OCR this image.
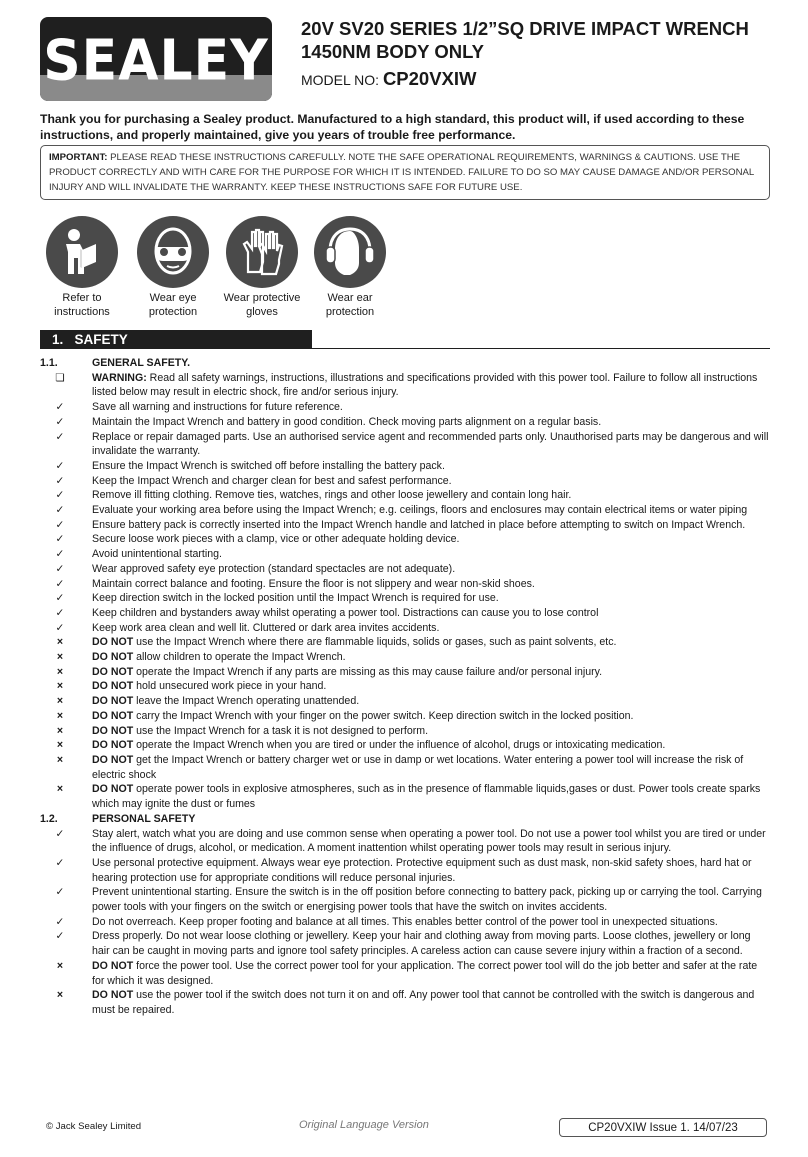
SEALEY
20V SV20 SERIES 1/2”SQ DRIVE IMPACT WRENCH 1450NM BODY ONLY
MODEL NO: CP20VXIW
Thank you for purchasing a Sealey product. Manufactured to a high standard, this product will, if used according to these instructions, and properly maintained, give you years of trouble free performance.
IMPORTANT: PLEASE READ THESE INSTRUCTIONS CAREFULLY. NOTE THE SAFE OPERATIONAL REQUIREMENTS, WARNINGS & CAUTIONS. USE THE PRODUCT CORRECTLY AND WITH CARE FOR THE PURPOSE FOR WHICH IT IS INTENDED. FAILURE TO DO SO MAY CAUSE DAMAGE AND/OR PERSONAL INJURY AND WILL INVALIDATE THE WARRANTY. KEEP THESE INSTRUCTIONS SAFE FOR FUTURE USE.
Refer to instructions
Wear eye protection
Wear protective gloves
Wear ear protection
1. SAFETY
1.1.	GENERAL SAFETY.
❏	WARNING: Read all safety warnings, instructions, illustrations and specifications provided with this power tool. Failure to follow all instructions listed below may result in electric shock, fire and/or serious injury.
✓	Save all warning and instructions for future reference.
✓	Maintain the Impact Wrench and battery in good condition. Check moving parts alignment on a regular basis.
✓	Replace or repair damaged parts. Use an authorised service agent and recommended parts only. Unauthorised parts may be dangerous and will invalidate the warranty.
✓	Ensure the Impact Wrench is switched off before installing the battery pack.
✓	Keep the Impact Wrench and charger clean for best and safest performance.
✓	Remove ill fitting clothing. Remove ties, watches, rings and other loose jewellery and contain long hair.
✓	Evaluate your working area before using the Impact Wrench; e.g. ceilings, floors and enclosures may contain electrical items or water piping
✓	Ensure battery pack is correctly inserted into the Impact Wrench handle and latched in place before attempting to switch on Impact Wrench.
✓	Secure loose work pieces with a clamp, vice or other adequate holding device.
✓	Avoid unintentional starting.
✓	Wear approved safety eye protection (standard spectacles are not adequate).
✓	Maintain correct balance and footing. Ensure the floor is not slippery and wear non-skid shoes.
✓	Keep direction switch in the locked position until the Impact Wrench is required for use.
✓	Keep children and bystanders away whilst operating a power tool. Distractions can cause you to lose control
✓	Keep work area clean and well lit. Cluttered or dark area invites accidents.
×	DO NOT use the Impact Wrench where there are flammable liquids, solids or gases, such as paint solvents, etc.
×	DO NOT allow children to operate the Impact Wrench.
×	DO NOT operate the Impact Wrench if any parts are missing as this may cause failure and/or personal injury.
×	DO NOT hold unsecured work piece in your hand.
×	DO NOT leave the Impact Wrench operating unattended.
×	DO NOT carry the Impact Wrench with your finger on the power switch. Keep direction switch in the locked position.
×	DO NOT use the Impact Wrench for a task it is not designed to perform.
×	DO NOT operate the Impact Wrench when you are tired or under the influence of alcohol, drugs or intoxicating medication.
×	DO NOT get the Impact Wrench or battery charger wet or use in damp or wet locations. Water entering a power tool will increase the risk of electric shock
×	DO NOT operate power tools in explosive atmospheres, such as in the presence of flammable liquids,gases or dust. Power tools create sparks which may ignite the dust or fumes
1.2.	PERSONAL SAFETY
✓	Stay alert, watch what you are doing and use common sense when operating a power tool. Do not use a power tool whilst you are tired or under the influence of drugs, alcohol, or medication. A moment inattention whilst operating power tools may result in serious injury.
✓	Use personal protective equipment. Always wear eye protection. Protective equipment such as dust mask, non-skid safety shoes, hard hat or hearing protection use for appropriate conditions will reduce personal injuries.
✓	Prevent unintentional starting. Ensure the switch is in the off position before connecting to battery pack, picking up or carrying the tool. Carrying power tools with your fingers on the switch or energising power tools that have the switch on invites accidents.
✓	Do not overreach. Keep proper footing and balance at all times. This enables better control of the power tool in unexpected situations.
✓	Dress properly. Do not wear loose clothing or jewellery. Keep your hair and clothing away from moving parts. Loose clothes, jewellery or long hair can be caught in moving parts and ignore tool safety principles. A careless action can cause severe injury within a fraction of a second.
×	DO NOT force the power tool. Use the correct power tool for your application. The correct power tool will do the job better and safer at the rate for which it was designed.
×	DO NOT use the power tool if the switch does not turn it on and off. Any power tool that cannot be controlled with the switch is dangerous and must be repaired.
© Jack Sealey Limited	Original Language Version	CP20VXIW Issue 1. 14/07/23
